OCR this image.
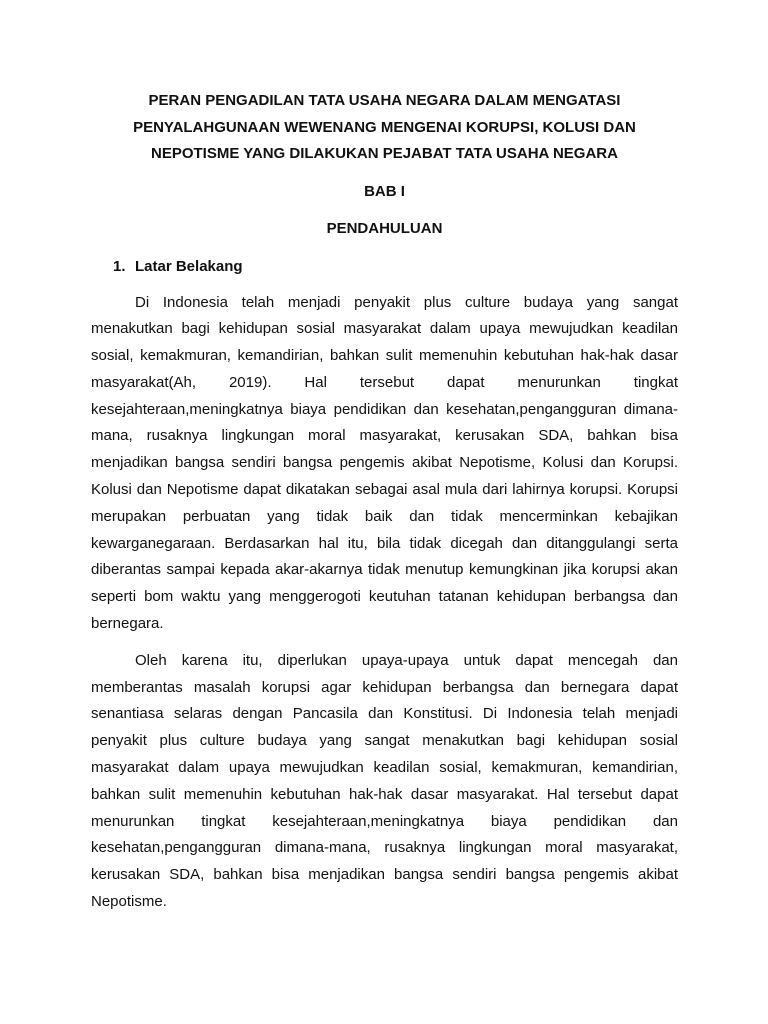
PERAN PENGADILAN TATA USAHA NEGARA DALAM MENGATASI
PENYALAHGUNAAN WEWENANG MENGENAI KORUPSI, KOLUSI DAN
NEPOTISME YANG DILAKUKAN PEJABAT TATA USAHA NEGARA
BAB I
PENDAHULUAN
1. Latar Belakang
Di Indonesia telah menjadi penyakit plus culture budaya yang sangat
menakutkan bagi kehidupan sosial masyarakat dalam upaya mewujudkan keadilan
sosial, kemakmuran, kemandirian, bahkan sulit memenuhin kebutuhan hak-hak dasar
masyarakat(Ah, 2019). Hal tersebut dapat menurunkan tingkat
kesejahteraan,meningkatnya biaya pendidikan dan kesehatan,pengangguran dimana-
mana, rusaknya lingkungan moral masyarakat, kerusakan SDA, bahkan bisa
menjadikan bangsa sendiri bangsa pengemis akibat Nepotisme, Kolusi dan Korupsi.
Kolusi dan Nepotisme dapat dikatakan sebagai asal mula dari lahirnya korupsi. Korupsi
merupakan perbuatan yang tidak baik dan tidak mencerminkan kebajikan
kewarganegaraan. Berdasarkan hal itu, bila tidak dicegah dan ditanggulangi serta
diberantas sampai kepada akar-akarnya tidak menutup kemungkinan jika korupsi akan
seperti bom waktu yang menggerogoti keutuhan tatanan kehidupan berbangsa dan
bernegara.
Oleh karena itu, diperlukan upaya-upaya untuk dapat mencegah dan
memberantas masalah korupsi agar kehidupan berbangsa dan bernegara dapat
senantiasa selaras dengan Pancasila dan Konstitusi. Di Indonesia telah menjadi
penyakit plus culture budaya yang sangat menakutkan bagi kehidupan sosial
masyarakat dalam upaya mewujudkan keadilan sosial, kemakmuran, kemandirian,
bahkan sulit memenuhin kebutuhan hak-hak dasar masyarakat. Hal tersebut dapat
menurunkan tingkat kesejahteraan,meningkatnya biaya pendidikan dan
kesehatan,pengangguran dimana-mana, rusaknya lingkungan moral masyarakat,
kerusakan SDA, bahkan bisa menjadikan bangsa sendiri bangsa pengemis akibat
Nepotisme.
